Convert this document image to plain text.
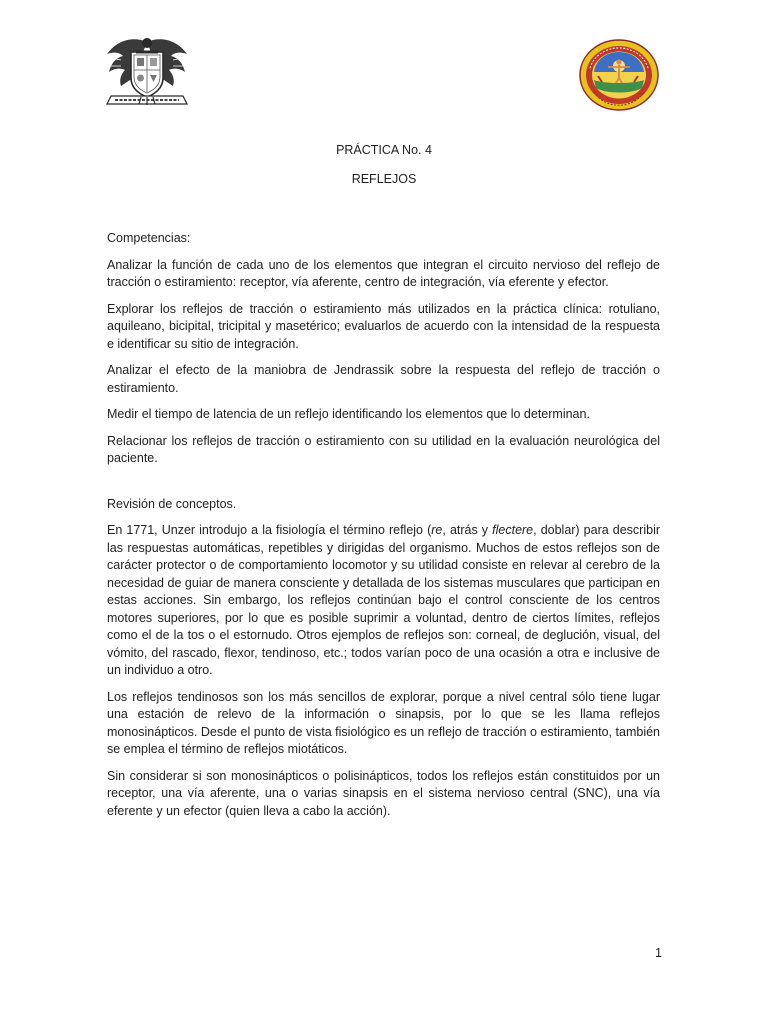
PRÁCTICA No. 4
REFLEJOS

Competencias:

Analizar la función de cada uno de los elementos que integran el circuito nervioso del reflejo de tracción o estiramiento: receptor, vía aferente, centro de integración, vía eferente y efector.

Explorar los reflejos de tracción o estiramiento más utilizados en la práctica clínica: rotuliano, aquileano, bicipital, tricipital y masetérico; evaluarlos de acuerdo con la intensidad de la respuesta e identificar su sitio de integración.

Analizar el efecto de la maniobra de Jendrassik sobre la respuesta del reflejo de tracción o estiramiento.

Medir el tiempo de latencia de un reflejo identificando los elementos que lo determinan.

Relacionar los reflejos de tracción o estiramiento con su utilidad en la evaluación neurológica del paciente.

Revisión de conceptos.

En 1771, Unzer introdujo a la fisiología el término reflejo (re, atrás y flectere, doblar) para describir las respuestas automáticas, repetibles y dirigidas del organismo. Muchos de estos reflejos son de carácter protector o de comportamiento locomotor y su utilidad consiste en relevar al cerebro de la necesidad de guiar de manera consciente y detallada de los sistemas musculares que participan en estas acciones. Sin embargo, los reflejos continúan bajo el control consciente de los centros motores superiores, por lo que es posible suprimir a voluntad, dentro de ciertos límites, reflejos como el de la tos o el estornudo. Otros ejemplos de reflejos son: corneal, de deglución, visual, del vómito, del rascado, flexor, tendinoso, etc.; todos varían poco de una ocasión a otra e inclusive de un individuo a otro.

Los reflejos tendinosos son los más sencillos de explorar, porque a nivel central sólo tiene lugar una estación de relevo de la información o sinapsis, por lo que se les llama reflejos monosinápticos. Desde el punto de vista fisiológico es un reflejo de tracción o estiramiento, también se emplea el término de reflejos miotáticos.

Sin considerar si son monosinápticos o polisinápticos, todos los reflejos están constituidos por un receptor, una vía aferente, una o varias sinapsis en el sistema nervioso central (SNC), una vía eferente y un efector (quien lleva a cabo la acción).

1
